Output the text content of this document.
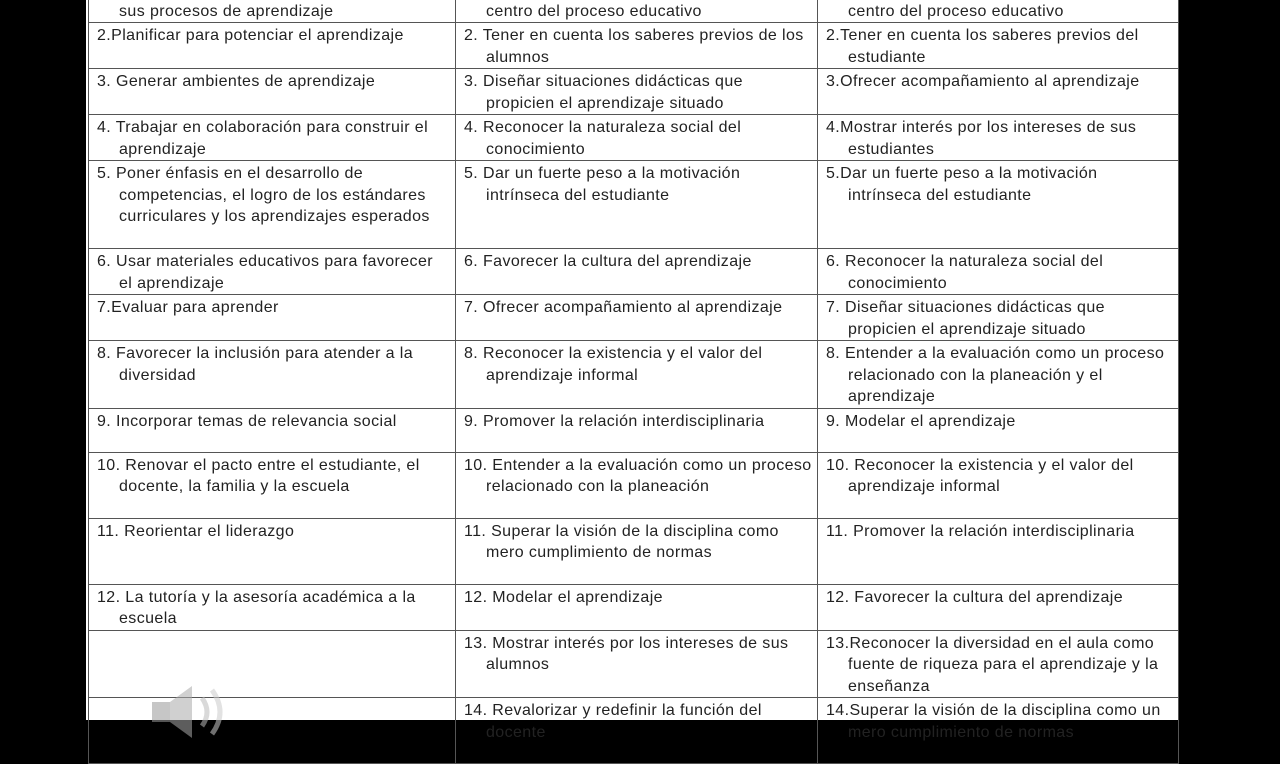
sus procesos de aprendizaje	centro del proceso educativo	centro del proceso educativo

2.Planificar para potenciar el aprendizaje	2. Tener en cuenta los saberes previos de los alumnos	2.Tener en cuenta los saberes previos del estudiante

3. Generar ambientes de aprendizaje	3. Diseñar situaciones didácticas que propicien el aprendizaje situado	3.Ofrecer acompañamiento al aprendizaje

4. Trabajar en colaboración para construir el aprendizaje	4. Reconocer la naturaleza social del conocimiento	4.Mostrar interés por los intereses de sus estudiantes

5. Poner énfasis en el desarrollo de competencias, el logro de los estándares curriculares y los aprendizajes esperados	5. Dar un fuerte peso a la motivación intrínseca del estudiante	5.Dar un fuerte peso a la motivación intrínseca del estudiante

6. Usar materiales educativos para favorecer el aprendizaje	6. Favorecer la cultura del aprendizaje	6. Reconocer la naturaleza social del conocimiento

7.Evaluar para aprender	7. Ofrecer acompañamiento al aprendizaje	7. Diseñar situaciones didácticas que propicien el aprendizaje situado

8. Favorecer la inclusión para atender a la diversidad	8. Reconocer la existencia y el valor del aprendizaje informal	8. Entender a la evaluación como un proceso relacionado con la planeación y el aprendizaje

9. Incorporar temas de relevancia social	9. Promover la relación interdisciplinaria	9. Modelar el aprendizaje

10. Renovar el pacto entre el estudiante, el docente, la familia y la escuela	10. Entender a la evaluación como un proceso relacionado con la planeación	10. Reconocer la existencia y el valor del aprendizaje informal

11. Reorientar el liderazgo	11. Superar la visión de la disciplina como mero cumplimiento de normas	11. Promover la relación interdisciplinaria

12. La tutoría y la asesoría académica a la escuela	12. Modelar el aprendizaje	12. Favorecer la cultura del aprendizaje

	13. Mostrar interés por los intereses de sus alumnos	13.Reconocer la diversidad en el aula como fuente de riqueza para el aprendizaje y la enseñanza

	14. Revalorizar y redefinir la función del docente	14.Superar la visión de la disciplina como un mero cumplimiento de normas
